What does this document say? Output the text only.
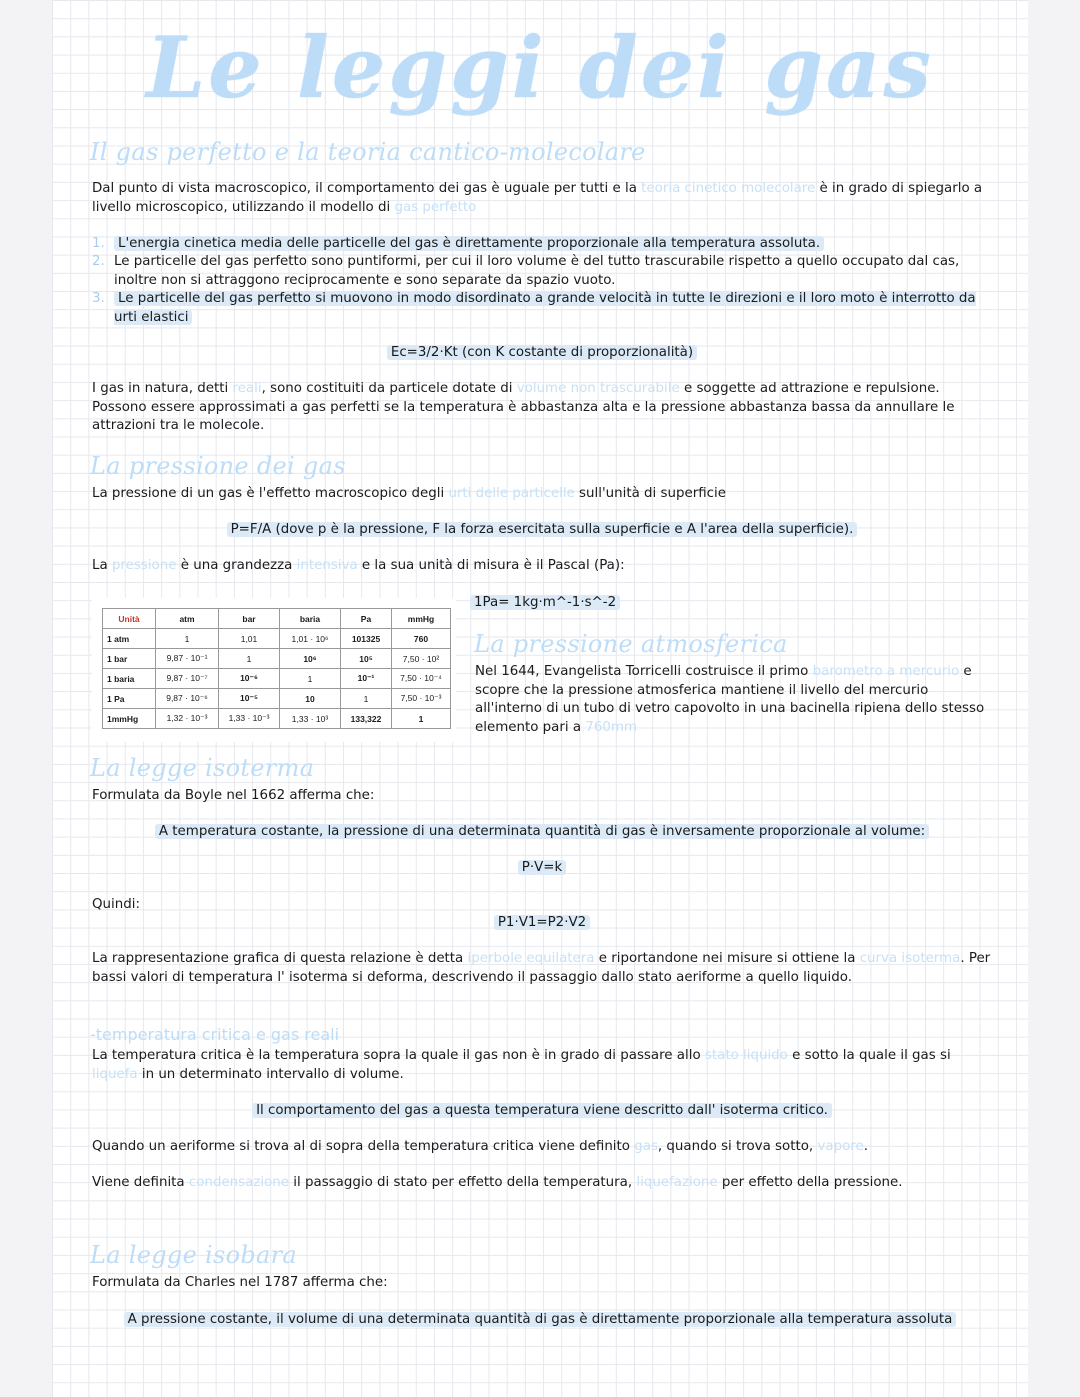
Le leggi dei gas
Il gas perfetto e la teoria cantico-molecolare
Dal punto di vista macroscopico, il comportamento dei gas è uguale per tutti e la teoria cinetico molecolare è in grado di spiegarlo a livello microscopico, utilizzando il modello di gas perfetto
1. L'energia cinetica media delle particelle del gas è direttamente proporzionale alla temperatura assoluta.
2. Le particelle del gas perfetto sono puntiformi, per cui il loro volume è del tutto trascurabile rispetto a quello occupato dal cas, inoltre non si attraggono reciprocamente e sono separate da spazio vuoto.
3. Le particelle del gas perfetto si muovono in modo disordinato a grande velocità in tutte le direzioni e il loro moto è interrotto da urti elastici
Ec=3/2·Kt (con K costante di proporzionalità)
I gas in natura, detti reali, sono costituiti da particele dotate di volume non trascurabile e soggette ad attrazione e repulsione. Possono essere approssimati a gas perfetti se la temperatura è abbastanza alta e la pressione abbastanza bassa da annullare le attrazioni tra le molecole.
La pressione dei gas
La pressione di un gas è l'effetto macroscopico degli urti delle particelle sull'unità di superficie
P=F/A (dove p è la pressione, F la forza esercitata sulla superficie e A l'area della superficie).
La pressione è una grandezza intensiva e la sua unità di misura è il Pascal (Pa):
Unità	atm	bar	baria	Pa	mmHg
1 atm	1	1,01	1,01 · 10⁶	101325	760
1 bar	9,87 · 10⁻¹	1	10⁶	10⁵	7,50 · 10²
1 baria	9,87 · 10⁻⁷	10⁻⁶	1	10⁻¹	7,50 · 10⁻⁴
1 Pa	9,87 · 10⁻⁶	10⁻⁵	10	1	7,50 · 10⁻³
1mmHg	1,32 · 10⁻³	1,33 · 10⁻³	1,33 · 10³	133,322	1
1Pa= 1kg·m^-1·s^-2
La pressione atmosferica
Nel 1644, Evangelista Torricelli costruisce il primo barometro a mercurio e scopre che la pressione atmosferica mantiene il livello del mercurio all'interno di un tubo di vetro capovolto in una bacinella ripiena dello stesso elemento pari a 760mm
La legge isoterma
Formulata da Boyle nel 1662 afferma che:
A temperatura costante, la pressione di una determinata quantità di gas è inversamente proporzionale al volume:
P·V=k
Quindi:
P1·V1=P2·V2
La rappresentazione grafica di questa relazione è detta iperbole equilatera e riportandone nei misure si ottiene la curva isoterma. Per bassi valori di temperatura l' isoterma si deforma, descrivendo il passaggio dallo stato aeriforme a quello liquido.
-temperatura critica e gas reali
La temperatura critica è la temperatura sopra la quale il gas non è in grado di passare allo stato liquido e sotto la quale il gas si liquefa in un determinato intervallo di volume.
Il comportamento del gas a questa temperatura viene descritto dall' isoterma critico.
Quando un aeriforme si trova al di sopra della temperatura critica viene definito gas, quando si trova sotto, vapore.
Viene definita condensazione il passaggio di stato per effetto della temperatura, liquefazione per effetto della pressione.
La legge isobara
Formulata da Charles nel 1787 afferma che:
A pressione costante, il volume di una determinata quantità di gas è direttamente proporzionale alla temperatura assoluta
